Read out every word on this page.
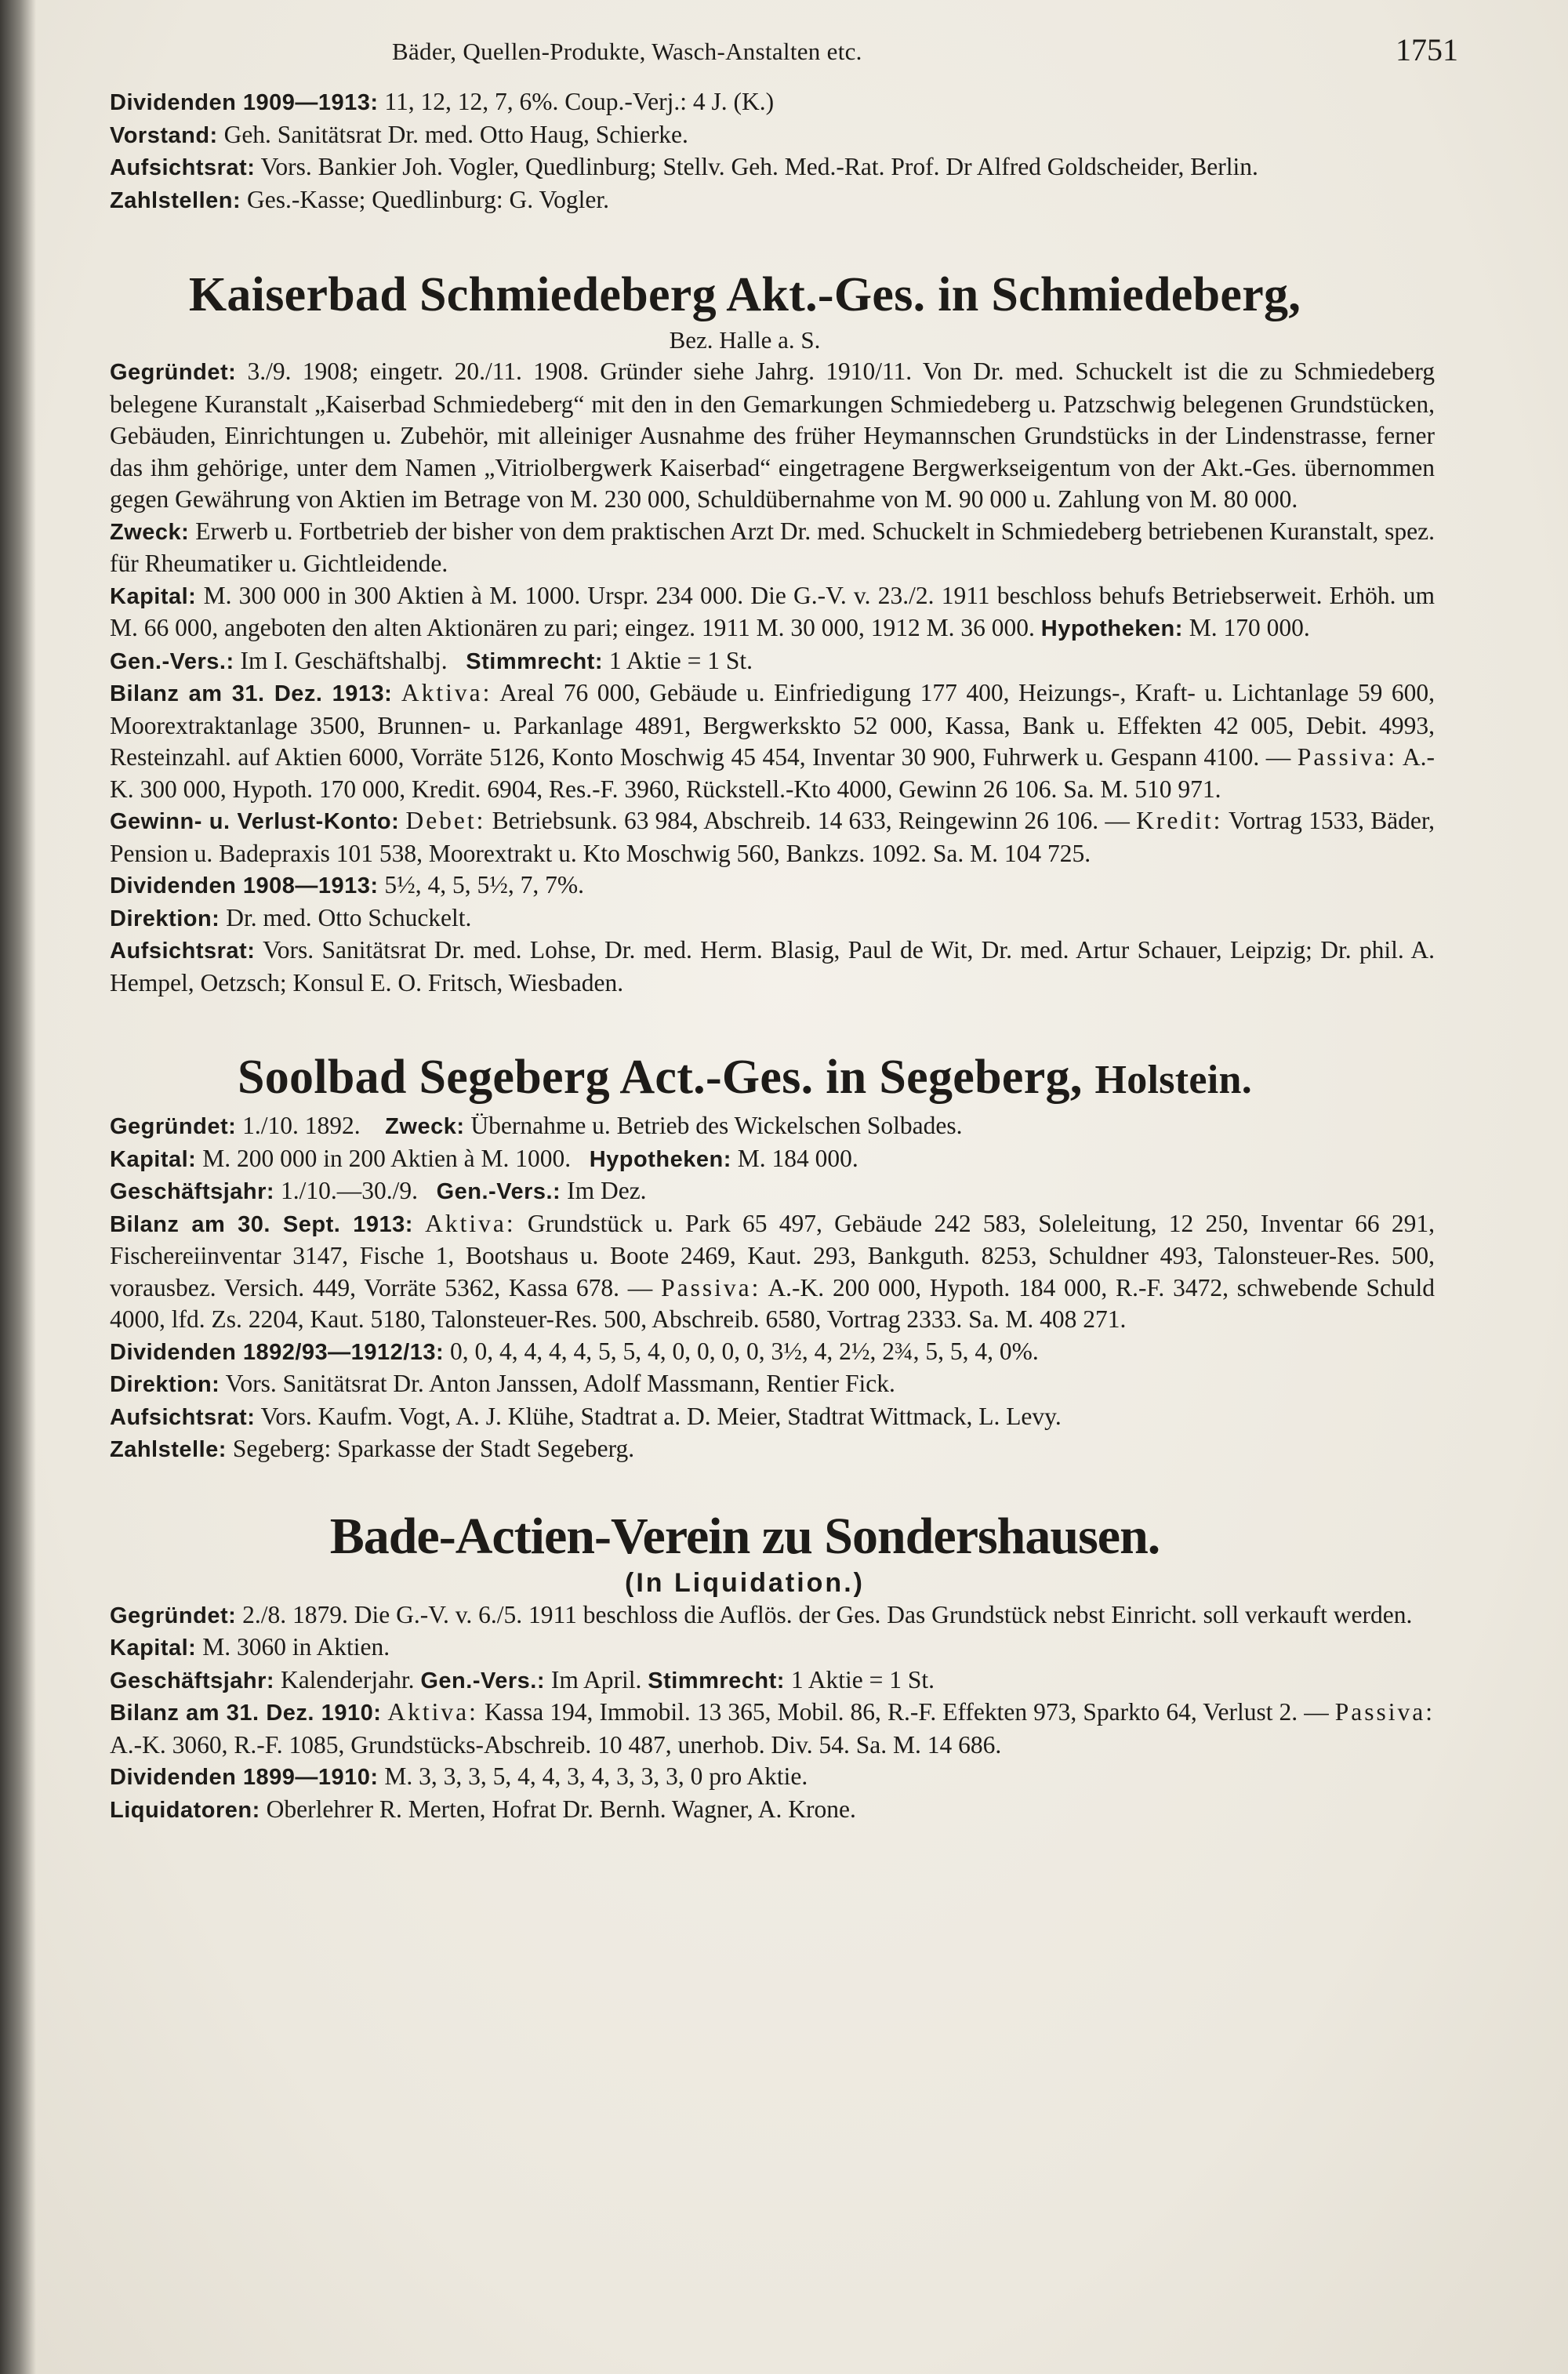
Bäder, Quellen-Produkte, Wasch-Anstalten etc.	1751

Dividenden 1909—1913: 11, 12, 12, 7, 6%. Coup.-Verj.: 4 J. (K.)

Vorstand: Geh. Sanitätsrat Dr. med. Otto Haug, Schierke.

Aufsichtsrat: Vors. Bankier Joh. Vogler, Quedlinburg; Stellv. Geh. Med.-Rat. Prof. Dr Alfred Goldscheider, Berlin.

Zahlstellen: Ges.-Kasse; Quedlinburg: G. Vogler.

Kaiserbad Schmiedeberg Akt.-Ges. in Schmiedeberg,
Bez. Halle a. S.

Gegründet: 3./9. 1908; eingetr. 20./11. 1908. Gründer siehe Jahrg. 1910/11. Von Dr. med. Schuckelt ist die zu Schmiedeberg belegene Kuranstalt „Kaiserbad Schmiedeberg“ mit den in den Gemarkungen Schmiedeberg u. Patzschwig belegenen Grundstücken, Gebäuden, Einrichtungen u. Zubehör, mit alleiniger Ausnahme des früher Heymannschen Grundstücks in der Lindenstrasse, ferner das ihm gehörige, unter dem Namen „Vitriolbergwerk Kaiserbad“ eingetragene Bergwerkseigentum von der Akt.-Ges. übernommen gegen Gewährung von Aktien im Betrage von M. 230 000, Schuldübernahme von M. 90 000 u. Zahlung von M. 80 000.

Zweck: Erwerb u. Fortbetrieb der bisher von dem praktischen Arzt Dr. med. Schuckelt in Schmiedeberg betriebenen Kuranstalt, spez. für Rheumatiker u. Gichtleidende.

Kapital: M. 300 000 in 300 Aktien à M. 1000. Urspr. 234 000. Die G.-V. v. 23./2. 1911 beschloss behufs Betriebserweit. Erhöh. um M. 66 000, angeboten den alten Aktionären zu pari; eingez. 1911 M. 30 000, 1912 M. 36 000. Hypotheken: M. 170 000.

Gen.-Vers.: Im I. Geschäftshalbj. Stimmrecht: 1 Aktie = 1 St.

Bilanz am 31. Dez. 1913: Aktiva: Areal 76 000, Gebäude u. Einfriedigung 177 400, Heizungs-, Kraft- u. Lichtanlage 59 600, Moorextraktanlage 3500, Brunnen- u. Parkanlage 4891, Bergwerkskto 52 000, Kassa, Bank u. Effekten 42 005, Debit. 4993, Resteinzahl. auf Aktien 6000, Vorräte 5126, Konto Moschwig 45 454, Inventar 30 900, Fuhrwerk u. Gespann 4100. — Passiva: A.-K. 300 000, Hypoth. 170 000, Kredit. 6904, Res.-F. 3960, Rückstell.-Kto 4000, Gewinn 26 106. Sa. M. 510 971.

Gewinn- u. Verlust-Konto: Debet: Betriebsunk. 63 984, Abschreib. 14 633, Reingewinn 26 106. — Kredit: Vortrag 1533, Bäder, Pension u. Badepraxis 101 538, Moorextrakt u. Kto Moschwig 560, Bankzs. 1092. Sa. M. 104 725.

Dividenden 1908—1913: 5½, 4, 5, 5½, 7, 7%.

Direktion: Dr. med. Otto Schuckelt.

Aufsichtsrat: Vors. Sanitätsrat Dr. med. Lohse, Dr. med. Herm. Blasig, Paul de Wit, Dr. med. Artur Schauer, Leipzig; Dr. phil. A. Hempel, Oetzsch; Konsul E. O. Fritsch, Wiesbaden.

Soolbad Segeberg Act.-Ges. in Segeberg, Holstein.

Gegründet: 1./10. 1892. Zweck: Übernahme u. Betrieb des Wickelschen Solbades.

Kapital: M. 200 000 in 200 Aktien à M. 1000. Hypotheken: M. 184 000.

Geschäftsjahr: 1./10.—30./9. Gen.-Vers.: Im Dez.

Bilanz am 30. Sept. 1913: Aktiva: Grundstück u. Park 65 497, Gebäude 242 583, Soleleitung, 12 250, Inventar 66 291, Fischereiinventar 3147, Fische 1, Bootshaus u. Boote 2469, Kaut. 293, Bankguth. 8253, Schuldner 493, Talonsteuer-Res. 500, vorausbez. Versich. 449, Vorräte 5362, Kassa 678. — Passiva: A.-K. 200 000, Hypoth. 184 000, R.-F. 3472, schwebende Schuld 4000, lfd. Zs. 2204, Kaut. 5180, Talonsteuer-Res. 500, Abschreib. 6580, Vortrag 2333. Sa. M. 408 271.

Dividenden 1892/93—1912/13: 0, 0, 4, 4, 4, 4, 5, 5, 4, 0, 0, 0, 0, 3½, 4, 2½, 2¾, 5, 5, 4, 0%.

Direktion: Vors. Sanitätsrat Dr. Anton Janssen, Adolf Massmann, Rentier Fick.

Aufsichtsrat: Vors. Kaufm. Vogt, A. J. Klühe, Stadtrat a. D. Meier, Stadtrat Wittmack, L. Levy.

Zahlstelle: Segeberg: Sparkasse der Stadt Segeberg.

Bade-Actien-Verein zu Sondershausen.
(In Liquidation.)

Gegründet: 2./8. 1879. Die G.-V. v. 6./5. 1911 beschloss die Auflös. der Ges. Das Grundstück nebst Einricht. soll verkauft werden.

Kapital: M. 3060 in Aktien.

Geschäftsjahr: Kalenderjahr. Gen.-Vers.: Im April. Stimmrecht: 1 Aktie = 1 St.

Bilanz am 31. Dez. 1910: Aktiva: Kassa 194, Immobil. 13 365, Mobil. 86, R.-F. Effekten 973, Sparkto 64, Verlust 2. — Passiva: A.-K. 3060, R.-F. 1085, Grundstücks-Abschreib. 10 487, unerhob. Div. 54. Sa. M. 14 686.

Dividenden 1899—1910: M. 3, 3, 3, 5, 4, 4, 3, 4, 3, 3, 3, 0 pro Aktie.

Liquidatoren: Oberlehrer R. Merten, Hofrat Dr. Bernh. Wagner, A. Krone.
